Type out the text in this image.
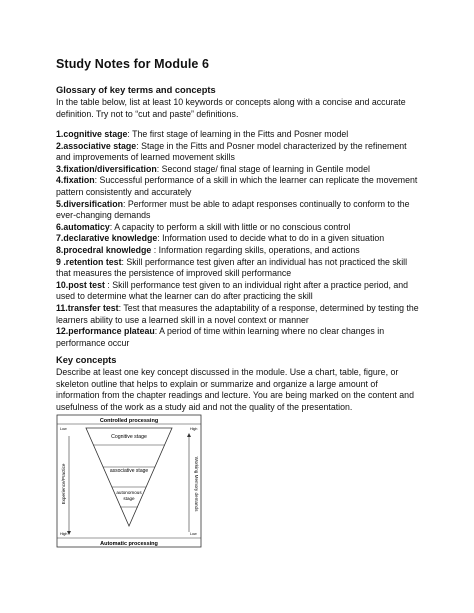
Study Notes for Module 6
Glossary of key terms and concepts
In the table below, list at least 10 keywords or concepts along with a concise and accurate definition. Try not to “cut and paste” definitions.
1.cognitive stage: The first stage of learning in the Fitts and Posner model
2.associative stage: Stage in the Fitts and Posner model characterized by the refinement and improvements of learned movement skills
3.fixation/diversification: Second stage/ final stage of learning in Gentile model
4.fixation: Successful performance of a skill in which the learner can replicate the movement pattern consistently and accurately
5.diversification: Performer must be able to adapt responses continually to conform to the ever-changing demands
6.automaticy: A capacity to perform a skill with little or no conscious control
7.declarative knowledge: Information used to decide what to do in a given situation
8.procedral knowledge : Information regarding skills, operations, and actions
9 .retention test: Skill performance test given after an individual has not practiced the skill that measures the persistence of improved skill performance
10.post test : Skill performance test given to an individual right after a practice period, and used to determine what the learner can do after practicing the skill
11.transfer test: Test that measures the adaptability of a response, determined by testing the learners ability to use a learned skill in a novel context or manner
12.performance plateau: A period of time within learning where no clear changes in performance occur
Key concepts
Describe at least one key concept discussed in the module. Use a chart, table, figure, or skeleton outline that helps to explain or summarize and organize a large amount of information from the chapter readings and lecture. You are being marked on the content and usefulness of the work as a study aid and not the quality of the presentation.
Controlled processing
Automatic processing
Cognitive stage
associative stage
autonomous
stage
Low
High
High
Low
Experience/Practice	Working Memory demands
